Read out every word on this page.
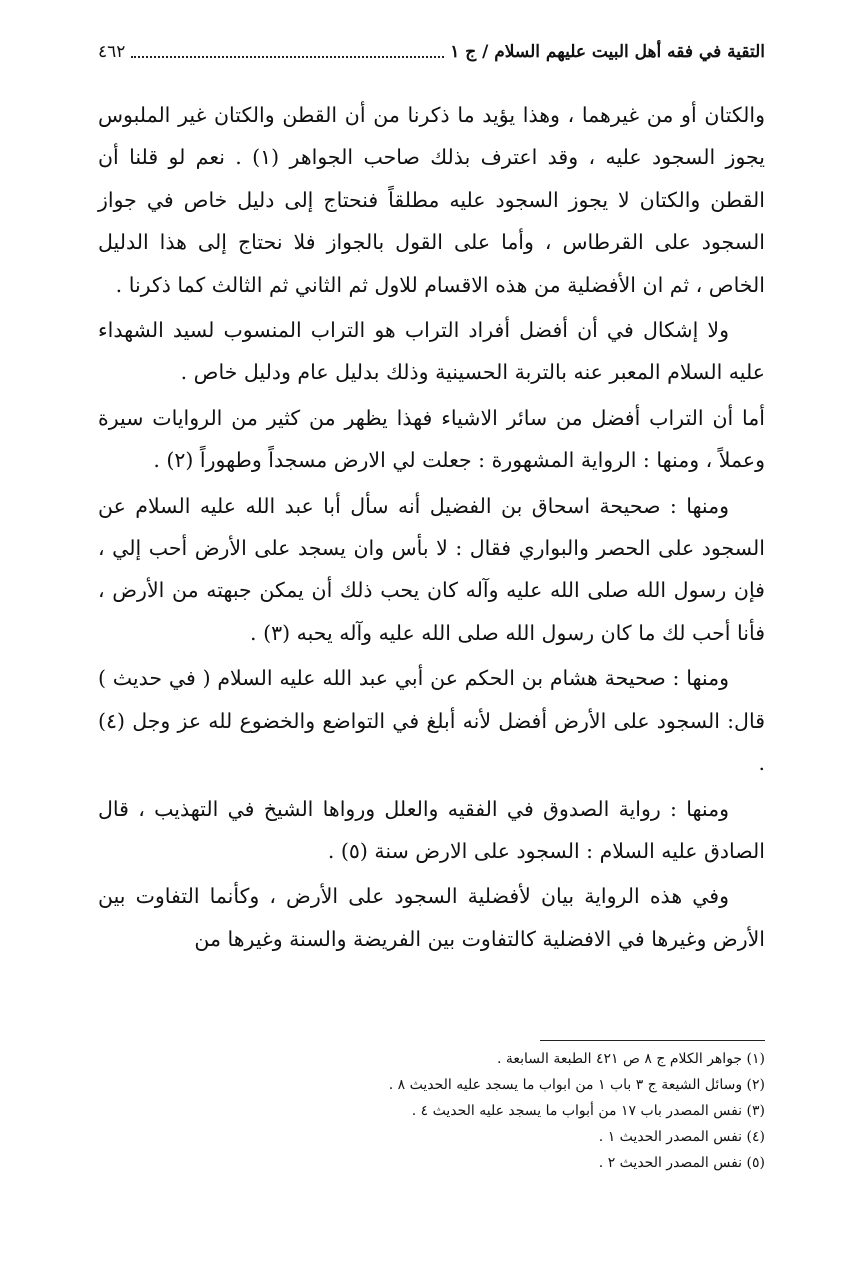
التقية في فقه أهل البيت عليهم السلام / ج ١
٤٦٢

والكتان أو من غيرهما ، وهذا يؤيد ما ذكرنا من أن القطن والكتان غير الملبوس يجوز السجود عليه ، وقد اعترف بذلك صاحب الجواهر (١) . نعم لو قلنا أن القطن والكتان لا يجوز السجود عليه مطلقاً فنحتاج إلى دليل خاص في جواز السجود على القرطاس ، وأما على القول بالجواز فلا نحتاج إلى هذا الدليل الخاص ، ثم ان الأفضلية من هذه الاقسام للاول ثم الثاني ثم الثالث كما ذكرنا .

ولا إشكال في أن أفضل أفراد التراب هو التراب المنسوب لسيد الشهداء عليه السلام المعبر عنه بالتربة الحسينية وذلك بدليل عام ودليل خاص .

أما أن التراب أفضل من سائر الاشياء فهذا يظهر من كثير من الروايات سيرة وعملاً ، ومنها : الرواية المشهورة : جعلت لي الارض مسجداً وطهوراً (٢) .

ومنها : صحيحة اسحاق بن الفضيل أنه سأل أبا عبد الله عليه السلام عن السجود على الحصر والبواري فقال : لا بأس وان يسجد على الأرض أحب إلي ، فإن رسول الله صلى الله عليه وآله كان يحب ذلك أن يمكن جبهته من الأرض ، فأنا أحب لك ما كان رسول الله صلى الله عليه وآله يحبه (٣) .

ومنها : صحيحة هشام بن الحكم عن أبي عبد الله عليه السلام ( في حديث ) قال: السجود على الأرض أفضل لأنه أبلغ في التواضع والخضوع لله عز وجل (٤) .

ومنها : رواية الصدوق في الفقيه والعلل ورواها الشيخ في التهذيب ، قال الصادق عليه السلام : السجود على الارض سنة (٥) .

وفي هذه الرواية بيان لأفضلية السجود على الأرض ، وكأنما التفاوت بين الأرض وغيرها في الافضلية كالتفاوت بين الفريضة والسنة وغيرها من

(١) جواهر الكلام ج ٨ ص ٤٢١ الطبعة السابعة .
(٢) وسائل الشيعة ج ٣ باب ١ من ابواب ما يسجد عليه الحديث ٨ .
(٣) نفس المصدر باب ١٧ من أبواب ما يسجد عليه الحديث ٤ .
(٤) نفس المصدر الحديث ١ .
(٥) نفس المصدر الحديث ٢ .
